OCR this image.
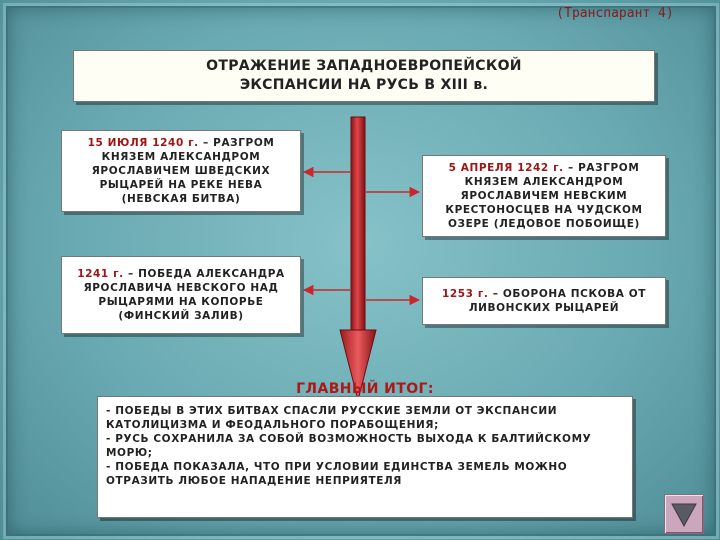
(Транспарант 4)
ОТРАЖЕНИЕ ЗАПАДНОЕВРОПЕЙСКОЙ
ЭКСПАНСИИ НА РУСЬ В XIII в.
15 ИЮЛЯ 1240 г. – РАЗГРОМ
КНЯЗЕМ АЛЕКСАНДРОМ
ЯРОСЛАВИЧЕМ ШВЕДСКИХ
РЫЦАРЕЙ НА РЕКЕ НЕВА
(НЕВСКАЯ БИТВА)
5 АПРЕЛЯ 1242 г. – РАЗГРОМ
КНЯЗЕМ АЛЕКСАНДРОМ
ЯРОСЛАВИЧЕМ НЕВСКИМ
КРЕСТОНОСЦЕВ НА ЧУДСКОМ
ОЗЕРЕ (ЛЕДОВОЕ ПОБОИЩЕ)
1241 г. – ПОБЕДА АЛЕКСАНДРА
ЯРОСЛАВИЧА НЕВСКОГО НАД
РЫЦАРЯМИ НА КОПОРЬЕ
(ФИНСКИЙ ЗАЛИВ)
1253 г. – ОБОРОНА ПСКОВА ОТ
ЛИВОНСКИХ РЫЦАРЕЙ
ГЛАВНЫЙ ИТОГ:
- ПОБЕДЫ В ЭТИХ БИТВАХ СПАСЛИ РУССКИЕ ЗЕМЛИ ОТ ЭКСПАНСИИ
КАТОЛИЦИЗМА И ФЕОДАЛЬНОГО ПОРАБОЩЕНИЯ;
- РУСЬ СОХРАНИЛА ЗА СОБОЙ ВОЗМОЖНОСТЬ ВЫХОДА К БАЛТИЙСКОМУ
МОРЮ;
- ПОБЕДА ПОКАЗАЛА, ЧТО ПРИ УСЛОВИИ ЕДИНСТВА ЗЕМЕЛЬ МОЖНО
ОТРАЗИТЬ ЛЮБОЕ НАПАДЕНИЕ НЕПРИЯТЕЛЯ
